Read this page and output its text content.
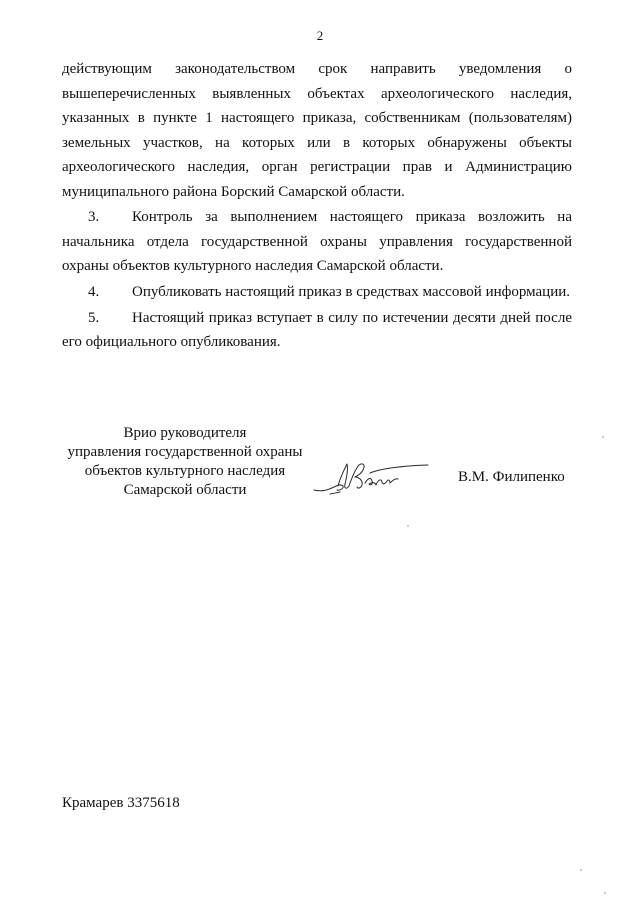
2

действующим законодательством срок направить уведомления о вышеперечисленных выявленных объектах археологического наследия, указанных в пункте 1 настоящего приказа, собственникам (пользователям) земельных участков, на которых или в которых обнаружены объекты археологического наследия, орган регистрации прав и Администрацию муниципального района Борский Самарской области.

3. Контроль за выполнением настоящего приказа возложить на начальника отдела государственной охраны управления государственной охраны объектов культурного наследия Самарской области.

4. Опубликовать настоящий приказ в средствах массовой информации.

5. Настоящий приказ вступает в силу по истечении десяти дней после его официального опубликования.

Врио руководителя
управления государственной охраны
объектов культурного наследия
Самарской области
В.М. Филипенко
Крамарев 3375618
